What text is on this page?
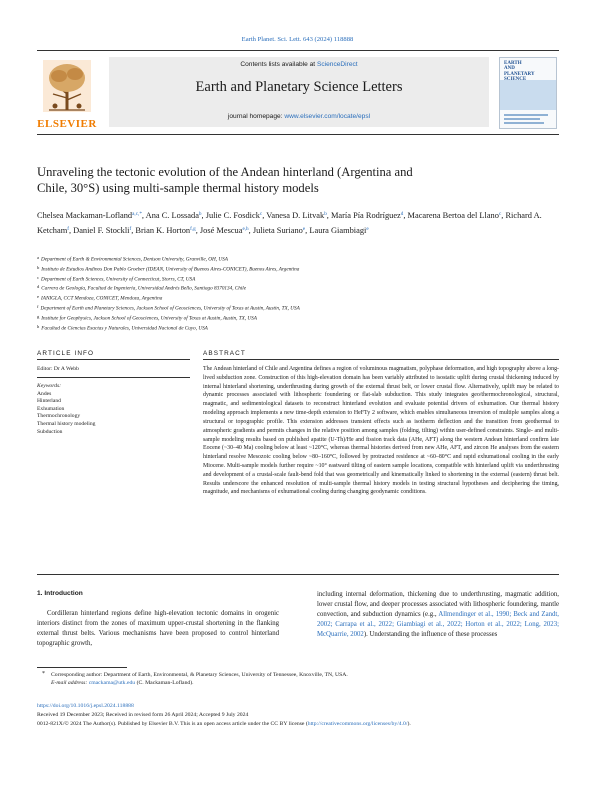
Earth Planet. Sci. Lett. 643 (2024) 118888
ELSEVIER
Contents lists available at ScienceDirect
Earth and Planetary Science Letters
journal homepage: www.elsevier.com/locate/epsl
EARTH
AND
PLANETARY
Unraveling the tectonic evolution of the Andean hinterland (Argentina and
Chile, 30°S) using multi-sample thermal history models
Chelsea Mackaman-Lofland$^{a,c,*}$, Ana C. Lossada$^b$, Julie C. Fosdick$^c$, Vanesa D. Litvak$^b$, María Pía Rodríguez$^d$, Macarena Bertoa del Llano$^c$, Richard A. Ketcham$^f$, Daniel F. Stockli$^f$, Brian K. Horton$^{f,g}$, José Mescua$^{e,h}$, Julieta Suriano$^e$, Laura Giambiagi$^e$
a Department of Earth & Environmental Sciences, Denison University, Granville, OH, USA
b Instituto de Estudios Andinos Don Pablo Groeber (IDEAN, University of Buenos Aires-CONICET), Buenos Aires, Argentina
c Department of Earth Sciences, University of Connecticut, Storrs, CT, USA
d Carrera de Geología, Facultad de Ingeniería, Universidad Andrés Bello, Santiago 8370134, Chile
e IANIGLA, CCT Mendoza, CONICET, Mendoza, Argentina
f Department of Earth and Planetary Sciences, Jackson School of Geosciences, University of Texas at Austin, Austin, TX, USA
g Institute for Geophysics, Jackson School of Geosciences, University of Texas at Austin, Austin, TX, USA
h Facultad de Ciencias Exactas y Naturales, Universidad Nacional de Cuyo, USA
ARTICLE INFO
Editor: Dr A Webb
Keywords:
Andes
Hinterland
Exhumation
Thermochronology
Thermal history modeling
Subduction
ABSTRACT
The Andean hinterland of Chile and Argentina defines a region of voluminous magmatism, polyphase deformation, and high topography above a long-lived subduction zone. Construction of this high-elevation domain has been variably attributed to isostatic uplift during crustal thickening induced by internal hinterland shortening, underthrusting during growth of the external thrust belt, or lower crustal flow. Alternatively, uplift may be related to dynamic processes associated with lithospheric foundering or flat-slab subduction. This study integrates geo/thermochronological, structural, magmatic, and sedimentological datasets to reconstruct hinterland evolution and evaluate potential drivers of exhumation. Our thermal history modeling approach implements a new time-depth extension to HeFTy 2 software, which enables simultaneous inversion of multiple samples along a structural or topographic profile. This extension addresses transient effects such as isotherm deflection and the transition from geothermal to atmospheric gradients and permits changes in the relative position among samples (folding, tilting) within user-defined constraints. Single- and multi-sample modeling results based on published apatite (U-Th)/He and fission track data (AHe, AFT) along the western Andean hinterland confirm late Eocene (~30–40 Ma) cooling below at least ~120°C, whereas thermal histories derived from new AHe, AFT, and zircon He analyses from the eastern hinterland resolve Mesozoic cooling below ~80–160°C, followed by protracted residence at ~60–80°C and rapid exhumational cooling in the early Miocene. Multi-sample models further require ~10° eastward tilting of eastern sample locations, compatible with hinterland uplift via underthrusting and development of a crustal-scale fault-bend fold that was geometrically and kinematically linked to shortening in the external (eastern) thrust belt. Results underscore the enhanced resolution of multi-sample thermal history models in testing structural hypotheses and deciphering the timing, magnitude, and mechanisms of exhumational cooling during changing geodynamic conditions.
1. Introduction
Cordilleran hinterland regions define high-elevation tectonic domains in orogenic interiors distinct from the zones of maximum upper-crustal shortening in the flanking external thrust belts. Various mechanisms have been proposed to control hinterland topographic growth,
including internal deformation, thickening due to underthrusting, magmatic addition, lower crustal flow, and deeper processes associated with lithospheric foundering, mantle convection, and subduction dynamics (e.g., Allmendinger et al., 1990; Beck and Zandt, 2002; Carrapa et al., 2022; Giambiagi et al., 2022; Horton et al., 2022; Long, 2023; McQuarrie, 2002). Understanding the influence of these processes
* Corresponding author: Department of Earth, Environmental, & Planetary Sciences, University of Tennessee, Knoxville, TN, USA.
E-mail address: cmackama@utk.edu (C. Mackaman-Lofland).
https://doi.org/10.1016/j.epsl.2024.118888
Received 19 December 2023; Received in revised form 26 April 2024; Accepted 9 July 2024
0012-821X/© 2024 The Author(s). Published by Elsevier B.V. This is an open access article under the CC BY license (http://creativecommons.org/licenses/by/4.0/).
